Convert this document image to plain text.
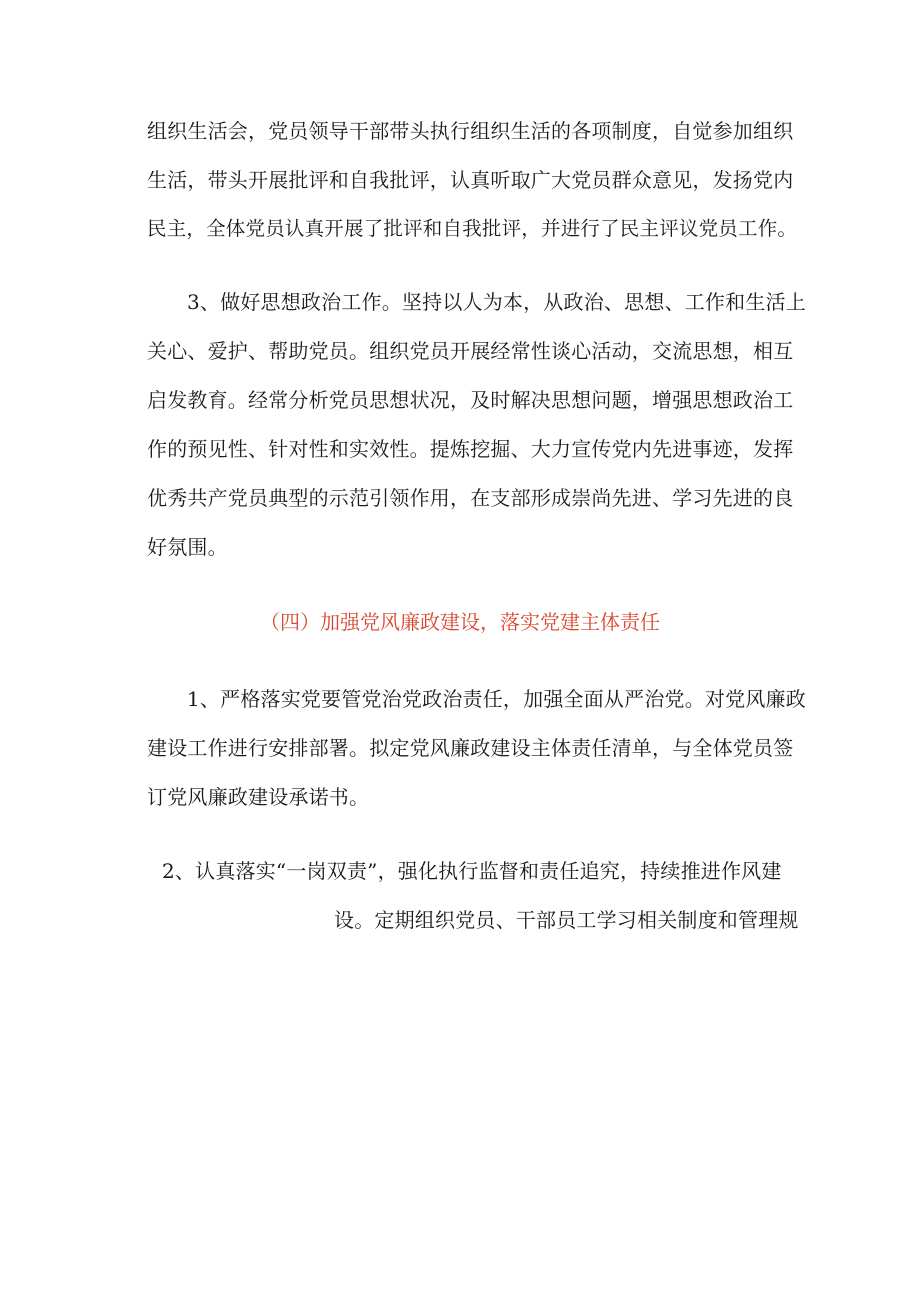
组织生活会，党员领导干部带头执行组织生活的各项制度，自觉参加组织
生活，带头开展批评和自我批评，认真听取广大党员群众意见，发扬党内
民主，全体党员认真开展了批评和自我批评，并进行了民主评议党员工作。
3、做好思想政治工作。坚持以人为本，从政治、思想、工作和生活上
关心、爱护、帮助党员。组织党员开展经常性谈心活动，交流思想，相互
启发教育。经常分析党员思想状况，及时解决思想问题，增强思想政治工
作的预见性、针对性和实效性。提炼挖掘、大力宣传党内先进事迹，发挥
优秀共产党员典型的示范引领作用，在支部形成崇尚先进、学习先进的良
好氛围。
（四）加强党风廉政建设，落实党建主体责任
1、严格落实党要管党治党政治责任，加强全面从严治党。对党风廉政
建设工作进行安排部署。拟定党风廉政建设主体责任清单，与全体党员签
订党风廉政建设承诺书。
2、认真落实“一岗双责”，强化执行监督和责任追究，持续推进作风建
设。定期组织党员、干部员工学习相关制度和管理规
